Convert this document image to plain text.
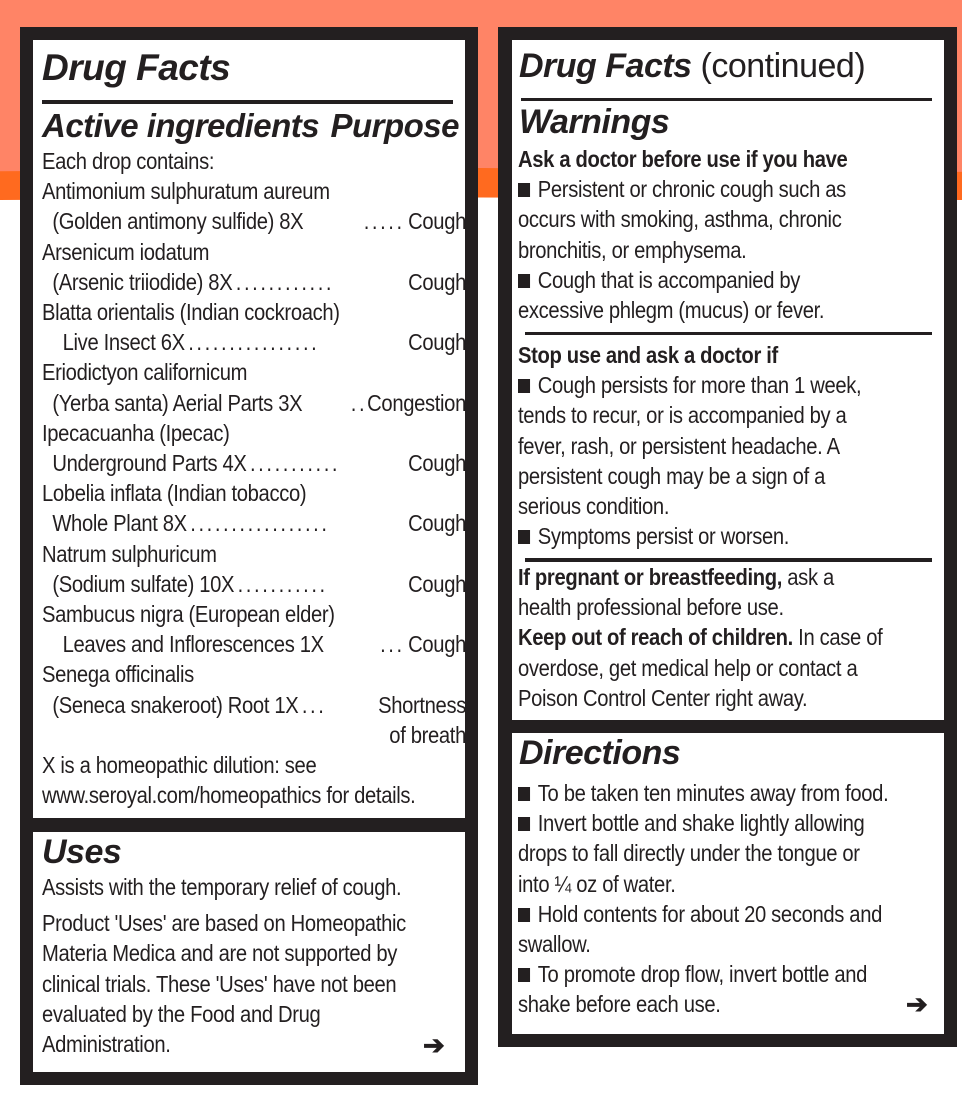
Drug Facts
Active ingredients Purpose
Each drop contains:
Antimonium sulphuratum aureum
(Golden antimony sulfide) 8X	..... Cough
Arsenicum iodatum
(Arsenic triiodide) 8X ............	Cough
Blatta orientalis (Indian cockroach)
Live Insect 6X ................	Cough
Eriodictyon californicum
(Yerba santa) Aerial Parts 3X	.. Congestion
Ipecacuanha (Ipecac)
Underground Parts 4X ...........	Cough
Lobelia inflata (Indian tobacco)
Whole Plant 8X .................	Cough
Natrum sulphuricum
(Sodium sulfate) 10X ...........	Cough
Sambucus nigra (European elder)
Leaves and Inflorescences 1X	... Cough
Senega officinalis
(Seneca snakeroot) Root 1X ...	Shortness
of breath
X is a homeopathic dilution: see
www.seroyal.com/homeopathics for details.
Uses
Assists with the temporary relief of cough.
Product 'Uses' are based on Homeopathic
Materia Medica and are not supported by
clinical trials. These 'Uses' have not been
evaluated by the Food and Drug
Administration.	➔
Drug Facts (continued)
Warnings
Ask a doctor before use if you have
Persistent or chronic cough such as
occurs with smoking, asthma, chronic
bronchitis, or emphysema.
Cough that is accompanied by
excessive phlegm (mucus) or fever.
Stop use and ask a doctor if
Cough persists for more than 1 week,
tends to recur, or is accompanied by a
fever, rash, or persistent headache. A
persistent cough may be a sign of a
serious condition.
Symptoms persist or worsen.
If pregnant or breastfeeding, ask a
health professional before use.
Keep out of reach of children. In case of
overdose, get medical help or contact a
Poison Control Center right away.
Directions
To be taken ten minutes away from food.
Invert bottle and shake lightly allowing
drops to fall directly under the tongue or
into ¼ oz of water.
Hold contents for about 20 seconds and
swallow.
To promote drop flow, invert bottle and
shake before each use.	➔
